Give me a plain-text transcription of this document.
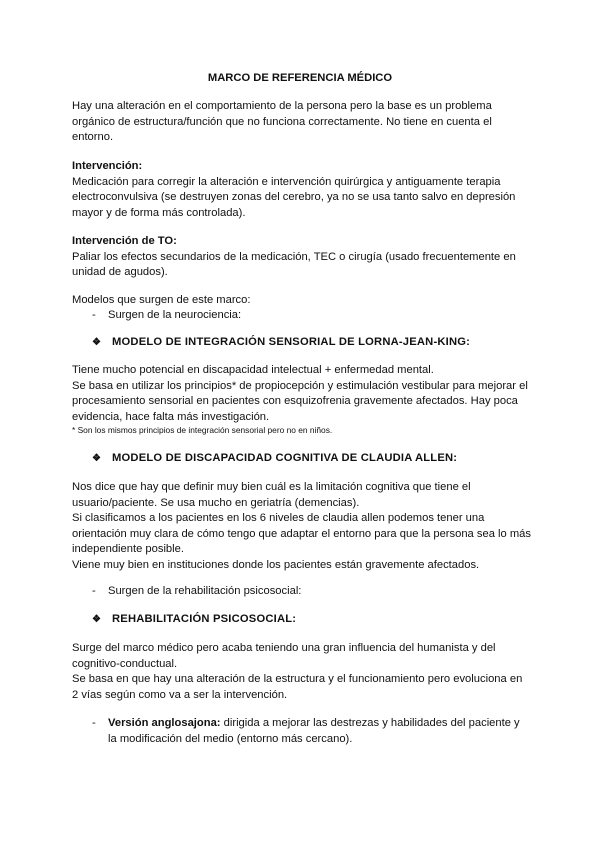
MARCO DE REFERENCIA MÉDICO
Hay una alteración en el comportamiento de la persona pero la base es un problema
orgánico de estructura/función que no funciona correctamente. No tiene en cuenta el
entorno.
Intervención:
Medicación para corregir la alteración e intervención quirúrgica y antiguamente terapia
electroconvulsiva (se destruyen zonas del cerebro, ya no se usa tanto salvo en depresión
mayor y de forma más controlada).
Intervención de TO:
Paliar los efectos secundarios de la medicación, TEC o cirugía (usado frecuentemente en
unidad de agudos).
Modelos que surgen de este marco:
- Surgen de la neurociencia:
❖ MODELO DE INTEGRACIÓN SENSORIAL DE LORNA-JEAN-KING:
Tiene mucho potencial en discapacidad intelectual + enfermedad mental.
Se basa en utilizar los principios* de propiocepción y estimulación vestibular para mejorar el
procesamiento sensorial en pacientes con esquizofrenia gravemente afectados. Hay poca
evidencia, hace falta más investigación.
* Son los mismos principios de integración sensorial pero no en niños.
❖ MODELO DE DISCAPACIDAD COGNITIVA DE CLAUDIA ALLEN:
Nos dice que hay que definir muy bien cuál es la limitación cognitiva que tiene el
usuario/paciente. Se usa mucho en geriatría (demencias).
Si clasificamos a los pacientes en los 6 niveles de claudia allen podemos tener una
orientación muy clara de cómo tengo que adaptar el entorno para que la persona sea lo más
independiente posible.
Viene muy bien en instituciones donde los pacientes están gravemente afectados.
- Surgen de la rehabilitación psicosocial:
❖ REHABILITACIÓN PSICOSOCIAL:
Surge del marco médico pero acaba teniendo una gran influencia del humanista y del
cognitivo-conductual.
Se basa en que hay una alteración de la estructura y el funcionamiento pero evoluciona en
2 vías según como va a ser la intervención.
- Versión anglosajona: dirigida a mejorar las destrezas y habilidades del paciente y
la modificación del medio (entorno más cercano).
